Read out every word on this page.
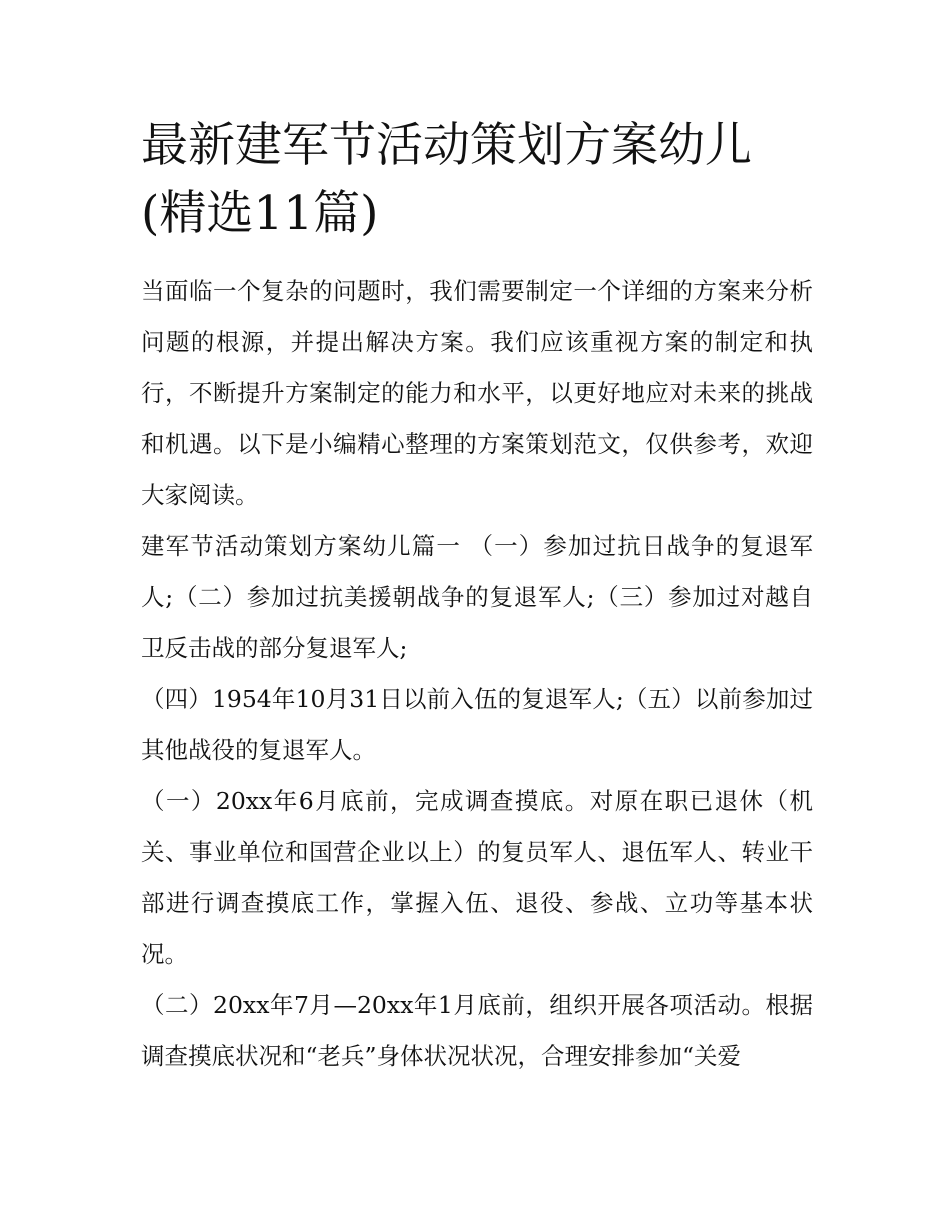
最新建军节活动策划方案幼儿(精选11篇)

当面临一个复杂的问题时，我们需要制定一个详细的方案来分析问题的根源，并提出解决方案。我们应该重视方案的制定和执行，不断提升方案制定的能力和水平，以更好地应对未来的挑战和机遇。以下是小编精心整理的方案策划范文，仅供参考，欢迎大家阅读。

建军节活动策划方案幼儿篇一 （一）参加过抗日战争的复退军人;（二）参加过抗美援朝战争的复退军人;（三）参加过对越自卫反击战的部分复退军人;

（四）1954年10月31日以前入伍的复退军人;（五）以前参加过其他战役的复退军人。

（一）20xx年6月底前，完成调查摸底。对原在职已退休（机关、事业单位和国营企业以上）的复员军人、退伍军人、转业干部进行调查摸底工作，掌握入伍、退役、参战、立功等基本状况。

（二）20xx年7月—20xx年1月底前，组织开展各项活动。根据调查摸底状况和“老兵”身体状况状况，合理安排参加“关爱
